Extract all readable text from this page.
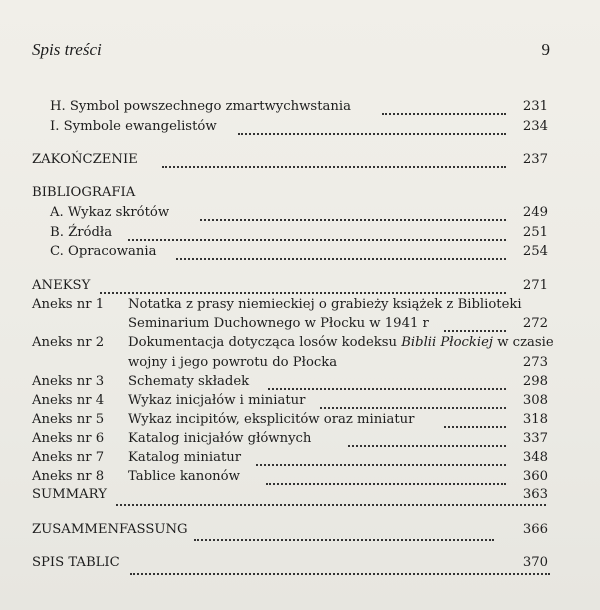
Spis treści	9
H. Symbol powszechnego zmartwychwstania	231
I. Symbole ewangelistów	234
ZAKOŃCZENIE	237
BIBLIOGRAFIA
A. Wykaz skrótów	249
B. Źródła	251
C. Opracowania	254
ANEKSY	271
Aneks nr 1 Notatka z prasy niemieckiej o grabieży książek z Biblioteki
Seminarium Duchownego w Płocku w 1941 r	272
Aneks nr 2 Dokumentacja dotycząca losów kodeksu Biblii Płockiej w czasie
wojny i jego powrotu do Płocka	273
Aneks nr 3 Schematy składek	298
Aneks nr 4 Wykaz inicjałów i miniatur	308
Aneks nr 5 Wykaz incipitów, eksplicitów oraz miniatur	318
Aneks nr 6 Katalog inicjałów głównych	337
Aneks nr 7 Katalog miniatur	348
Aneks nr 8 Tablice kanonów	360
SUMMARY	363
ZUSAMMENFASSUNG	366
SPIS TABLIC	370
